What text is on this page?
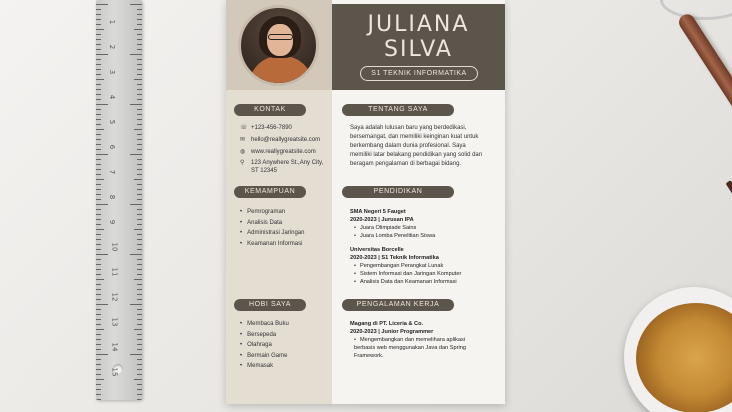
1
2
3
4
5
6
7
8
9
10
11
12
13
14
15
JULIANA
SILVA
S1 TEKNIK INFORMATIKA
KONTAK
☏ +123-456-7890
✉ hello@reallygreatsite.com
◍ www.reallygreatsite.com
⚲ 123 Anywhere St.,Any City,
ST 12345
KEMAMPUAN
• Pemrograman
• Analisis Data
• Administrasi Jaringan
• Keamanan Informasi
HOBI SAYA
• Membaca Buku
• Bersepeda
• Olahraga
• Bermain Game
• Memasak
TENTANG SAYA
Saya adalah lulusan baru yang berdedikasi, bersemangat, dan memiliki keinginan kuat untuk berkembang dalam dunia profesional. Saya memiliki latar belakang pendidikan yang solid dan beragam pengalaman di berbagai bidang.
PENDIDIKAN
SMA Negeri 5 Fauget
2020-2023 | Jurusan IPA
• Juara Olimpiade Sains
• Juara Lomba Penelitian Siswa
Universitas Borcelle
2020-2023 | S1 Teknik Informatika
• Pengembangan Perangkat Lunak
• Sistem Informasi dan Jaringan Komputer
• Analisis Data dan Keamanan Informasi
PENGALAMAN KERJA
Magang di PT. Liceria & Co.
2020-2023 | Junior Programmer
• Mengembangkan dan memelihara aplikasi berbasis web menggunakan Java dan Spring Framework.
